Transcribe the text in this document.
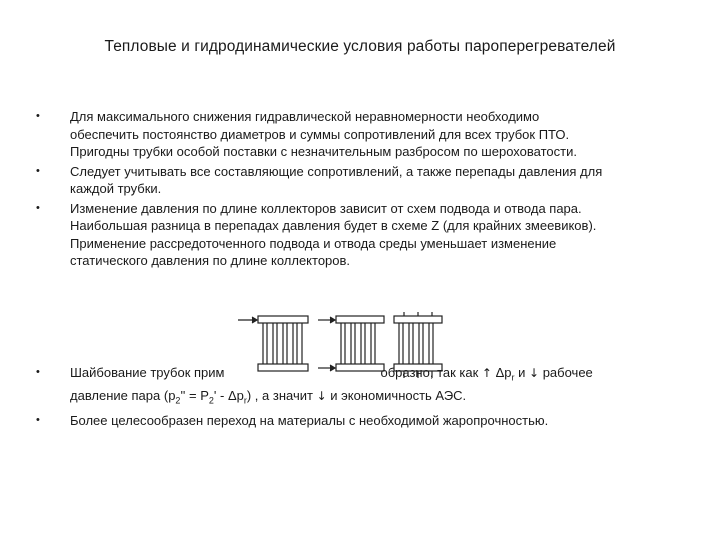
Тепловые и гидродинамические условия работы пароперегревателей
• Для максимального снижения гидравлической неравномерности необходимо
обеспечить постоянство диаметров и суммы сопротивлений для всех трубок ПТО.
Пригодны трубки особой поставки с незначительным разбросом по шероховатости.
• Следует учитывать все составляющие сопротивлений, а также перепады давления для
каждой трубки.
• Изменение давления по длине коллекторов зависит от схем подвода и отвода пара.
Наибольшая разница в перепадах давления будет в схеме Z (для крайних змеевиков).
Применение рассредоточенного подвода и отвода среды уменьшает изменение
статического давления по длине коллекторов.
• Шайбование трубок прим	образно, так как ↑ $\Delta p_r$ и ↓ рабочее
давление пара $(p_2'' = P_2' - \Delta p_r)$ , а значит ↓ и экономичность АЭС.
• Более целесообразен переход на материалы с необходимой жаропрочностью.
